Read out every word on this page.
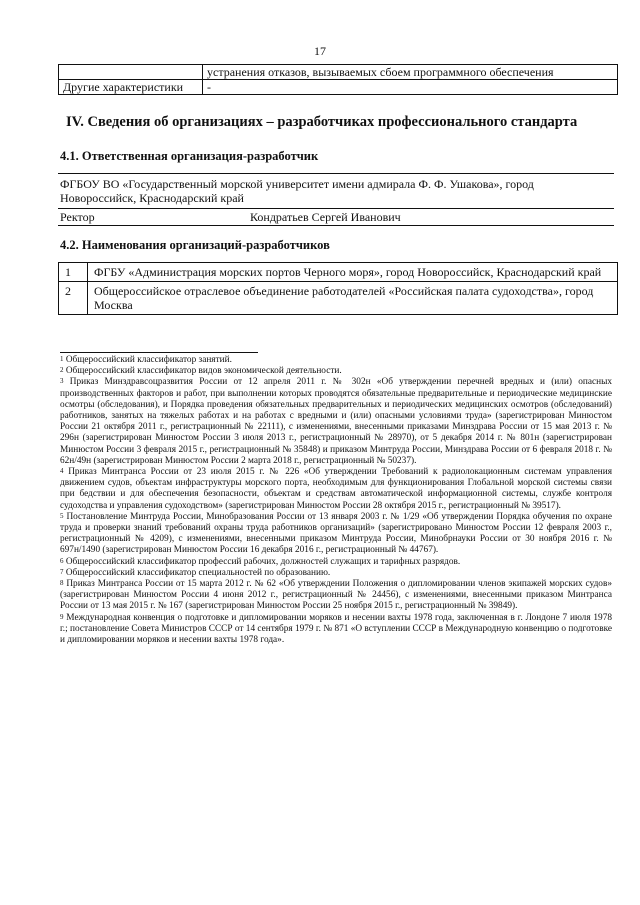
17
	устранения отказов, вызываемых сбоем программного обеспечения
Другие характеристики	-
IV. Сведения об организациях – разработчиках профессионального стандарта
4.1. Ответственная организация-разработчик
ФГБОУ ВО «Государственный морской университет имени адмирала Ф. Ф. Ушакова», город Новороссийск, Краснодарский край
Ректор	Кондратьев Сергей Иванович
4.2. Наименования организаций-разработчиков
1	ФГБУ «Администрация морских портов Черного моря», город Новороссийск, Краснодарский край
2	Общероссийское отраслевое объединение работодателей «Российская палата судоходства», город Москва

$^1$ Общероссийский классификатор занятий.

$^2$ Общероссийский классификатор видов экономической деятельности.

$^3$ Приказ Минздравсоцразвития России от 12 апреля 2011 г. № 302н «Об утверждении перечней вредных и (или) опасных производственных факторов и работ, при выполнении которых проводятся обязательные предварительные и периодические медицинские осмотры (обследования), и Порядка проведения обязательных предварительных и периодических медицинских осмотров (обследований) работников, занятых на тяжелых работах и на работах с вредными и (или) опасными условиями труда» (зарегистрирован Минюстом России 21 октября 2011 г., регистрационный № 22111), с изменениями, внесенными приказами Минздрава России от 15 мая 2013 г. № 296н (зарегистрирован Минюстом России 3 июля 2013 г., регистрационный № 28970), от 5 декабря 2014 г. № 801н (зарегистрирован Минюстом России 3 февраля 2015 г., регистрационный № 35848) и приказом Минтруда России, Минздрава России от 6 февраля 2018 г. № 62н/49н (зарегистрирован Минюстом России 2 марта 2018 г., регистрационный № 50237).

$^4$ Приказ Минтранса России от 23 июля 2015 г. № 226 «Об утверждении Требований к радиолокационным системам управления движением судов, объектам инфраструктуры морского порта, необходимым для функционирования Глобальной морской системы связи при бедствии и для обеспечения безопасности, объектам и средствам автоматической информационной системы, службе контроля судоходства и управления судоходством» (зарегистрирован Минюстом России 28 октября 2015 г., регистрационный № 39517).

$^5$ Постановление Минтруда России, Минобразования России от 13 января 2003 г. № 1/29 «Об утверждении Порядка обучения по охране труда и проверки знаний требований охраны труда работников организаций» (зарегистрировано Минюстом России 12 февраля 2003 г., регистрационный № 4209), с изменениями, внесенными приказом Минтруда России, Минобрнауки России от 30 ноября 2016 г. № 697н/1490 (зарегистрирован Минюстом России 16 декабря 2016 г., регистрационный № 44767).

$^6$ Общероссийский классификатор профессий рабочих, должностей служащих и тарифных разрядов.

$^7$ Общероссийский классификатор специальностей по образованию.

$^8$ Приказ Минтранса России от 15 марта 2012 г. № 62 «Об утверждении Положения о дипломировании членов экипажей морских судов» (зарегистрирован Минюстом России 4 июня 2012 г., регистрационный № 24456), с изменениями, внесенными приказом Минтранса России от 13 мая 2015 г. № 167 (зарегистрирован Минюстом России 25 ноября 2015 г., регистрационный № 39849).

$^9$ Международная конвенция о подготовке и дипломировании моряков и несении вахты 1978 года, заключенная в г. Лондоне 7 июля 1978 г.; постановление Совета Министров СССР от 14 сентября 1979 г. № 871 «О вступлении СССР в Международную конвенцию о подготовке и дипломировании моряков и несении вахты 1978 года».
